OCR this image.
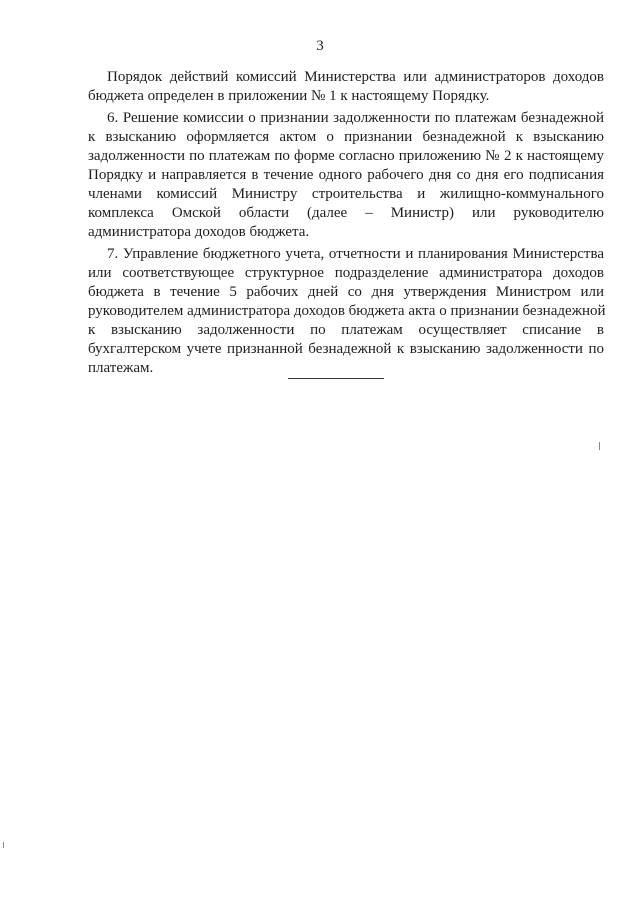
3

Порядок действий комиссий Министерства или администраторов доходов
бюджета определен в приложении № 1 к настоящему Порядку.

6. Решение комиссии о признании задолженности по платежам безнадежной
к взысканию оформляется актом о признании безнадежной к взысканию
задолженности по платежам по форме согласно приложению № 2 к настоящему
Порядку и направляется в течение одного рабочего дня со дня его подписания
членами комиссий Министру строительства и жилищно-коммунального
комплекса Омской области (далее – Министр) или руководителю
администратора доходов бюджета.

7. Управление бюджетного учета, отчетности и планирования Министерства
или соответствующее структурное подразделение администратора доходов
бюджета в течение 5 рабочих дней со дня утверждения Министром или
руководителем администратора доходов бюджета акта о признании безнадежной
к взысканию задолженности по платежам осуществляет списание в
бухгалтерском учете признанной безнадежной к взысканию задолженности по
платежам.
